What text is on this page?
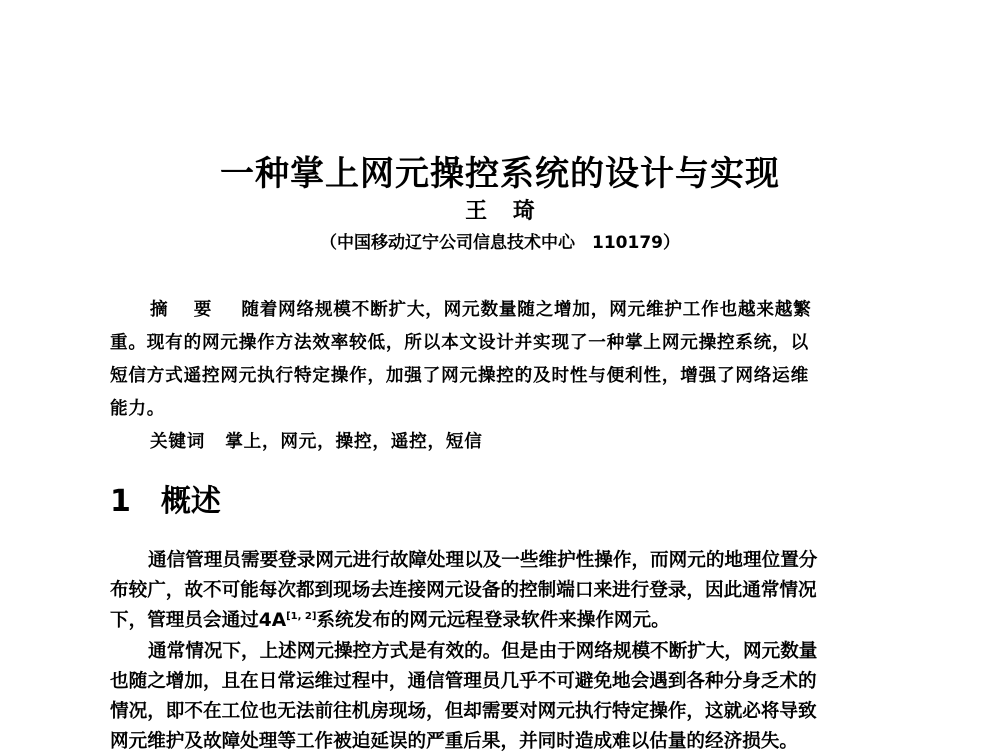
一种掌上网元操控系统的设计与实现
王 琦
（中国移动辽宁公司信息技术中心　110179）
摘 要 随着网络规模不断扩大，网元数量随之增加，网元维护工作也越来越繁
重。现有的网元操作方法效率较低，所以本文设计并实现了一种掌上网元操控系统，以
短信方式遥控网元执行特定操作，加强了网元操控的及时性与便利性，增强了网络运维
能力。
关键词 掌上，网元，操控，遥控，短信
1 概述
通信管理员需要登录网元进行故障处理以及一些维护性操作，而网元的地理位置分
布较广，故不可能每次都到现场去连接网元设备的控制端口来进行登录，因此通常情况
下，管理员会通过4A[1, 2]系统发布的网元远程登录软件来操作网元。
通常情况下，上述网元操控方式是有效的。但是由于网络规模不断扩大，网元数量
也随之增加，且在日常运维过程中，通信管理员几乎不可避免地会遇到各种分身乏术的
情况，即不在工位也无法前往机房现场，但却需要对网元执行特定操作，这就必将导致
网元维护及故障处理等工作被迫延误的严重后果，并同时造成难以估量的经济损失。
